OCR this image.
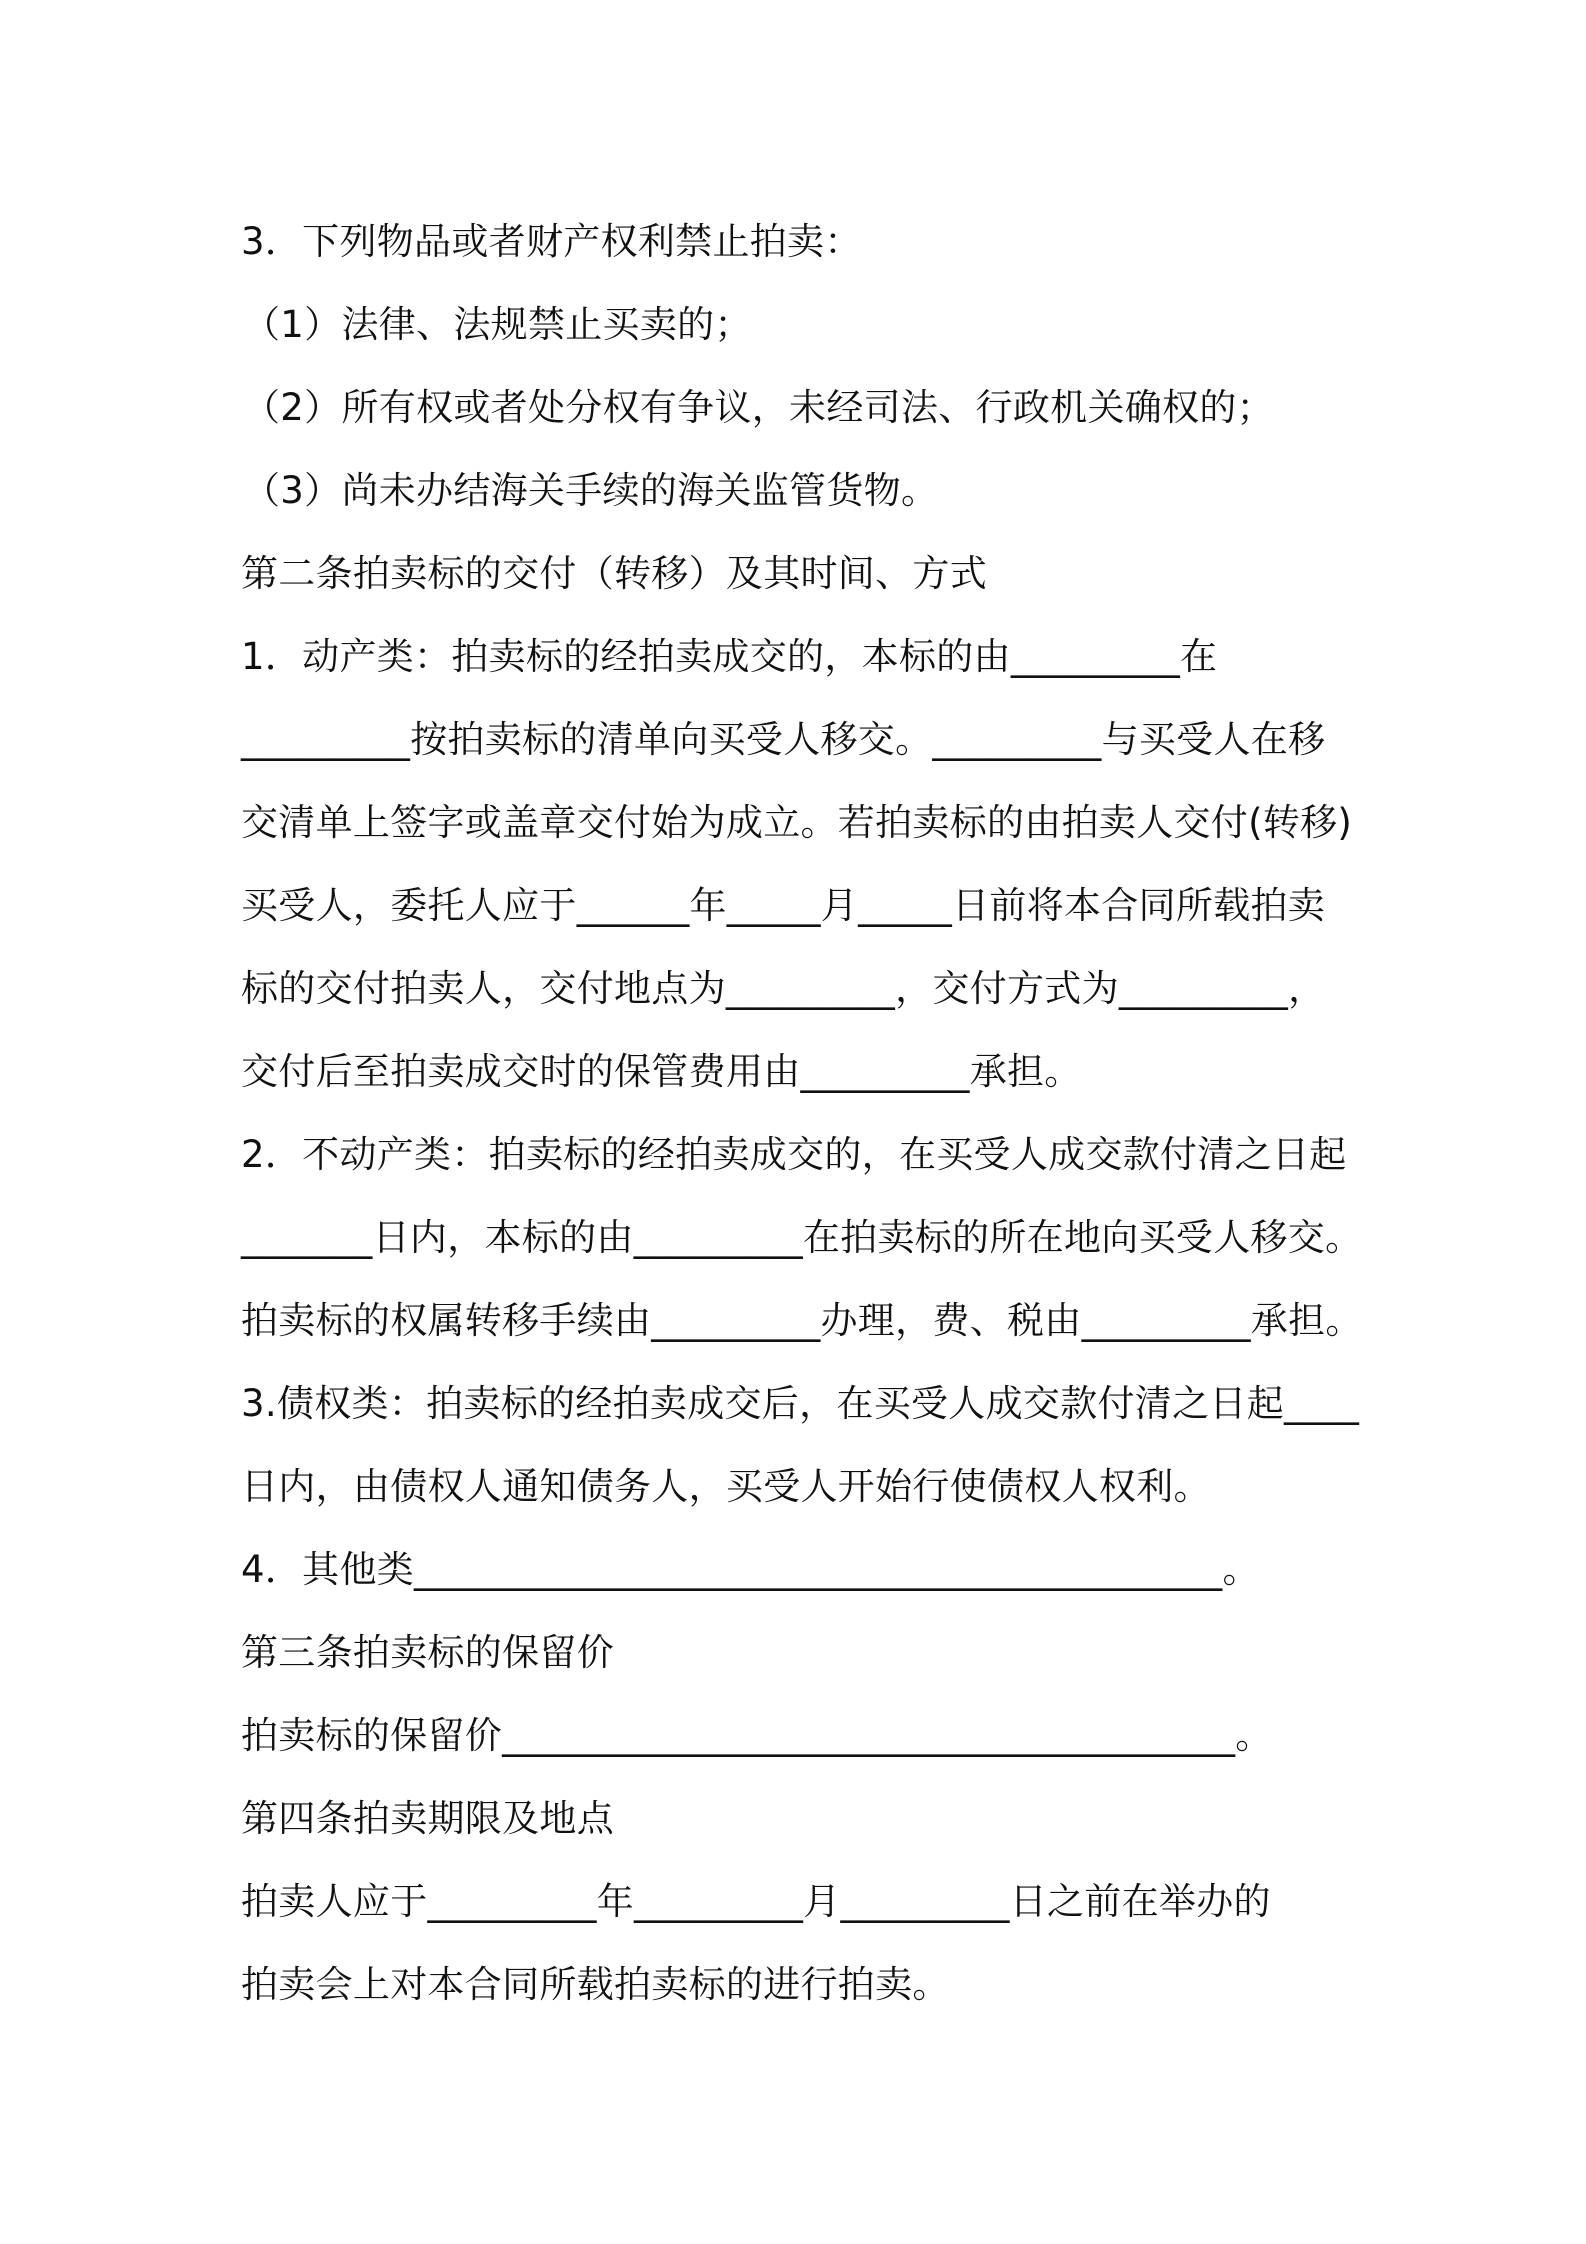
3．下列物品或者财产权利禁止拍卖：
（1）法律、法规禁止买卖的；
（2）所有权或者处分权有争议，未经司法、行政机关确权的；
（3）尚未办结海关手续的海关监管货物。
第二条拍卖标的交付（转移）及其时间、方式
1．动产类：拍卖标的经拍卖成交的，本标的由_________在
_________按拍卖标的清单向买受人移交。_________与买受人在移
交清单上签字或盖章交付始为成立。若拍卖标的由拍卖人交付(转移)
买受人，委托人应于______年_____月_____日前将本合同所载拍卖
标的交付拍卖人，交付地点为_________，交付方式为_________，
交付后至拍卖成交时的保管费用由_________承担。
2．不动产类：拍卖标的经拍卖成交的，在买受人成交款付清之日起
_______日内，本标的由_________在拍卖标的所在地向买受人移交。
拍卖标的权属转移手续由_________办理，费、税由_________承担。
3.债权类：拍卖标的经拍卖成交后，在买受人成交款付清之日起____
日内，由债权人通知债务人，买受人开始行使债权人权利。
4．其他类___________________________________________。
第三条拍卖标的保留价
拍卖标的保留价_______________________________________。
第四条拍卖期限及地点
拍卖人应于_________年_________月_________日之前在举办的
拍卖会上对本合同所载拍卖标的进行拍卖。
